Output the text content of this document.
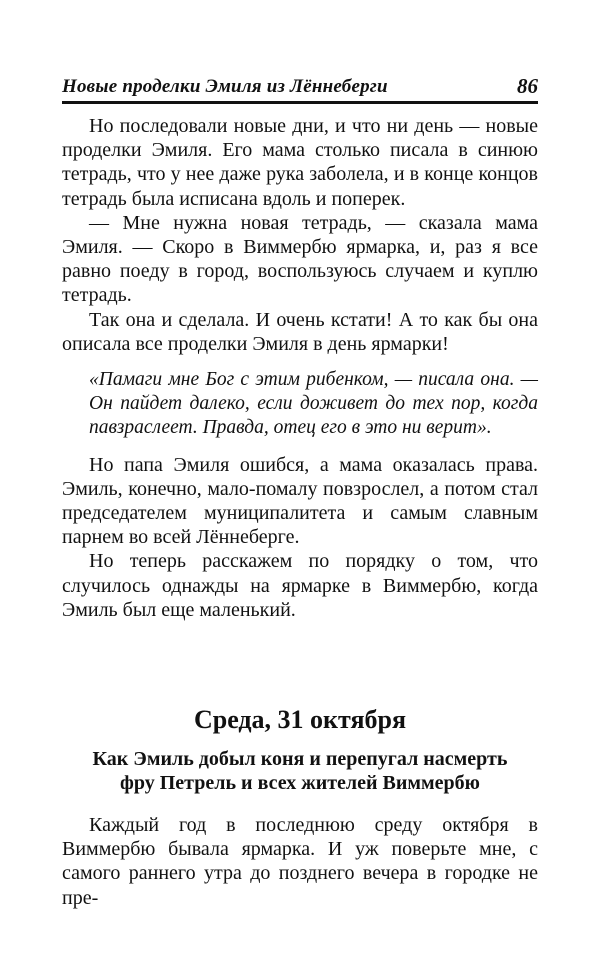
Новые проделки Эмиля из Лённеберги	86

Но последовали новые дни, и что ни день — новые проделки Эмиля. Его мама столько писала в синюю тетрадь, что у нее даже рука заболела, и в конце концов тетрадь была исписана вдоль и поперек.

— Мне нужна новая тетрадь, — сказала мама Эмиля. — Скоро в Виммербю ярмарка, и, раз я все равно поеду в город, воспользуюсь случаем и куплю тетрадь.

Так она и сделала. И очень кстати! А то как бы она описала все проделки Эмиля в день ярмарки!

«Памаги мне Бог с этим рибенком, — писала она. — Он пайдет далеко, если доживет до тех пор, когда павзраслеет. Правда, отец его в это ни верит».

Но папа Эмиля ошибся, а мама оказалась права. Эмиль, конечно, мало-помалу повзрослел, а потом стал председателем муниципалитета и самым славным парнем во всей Лённеберге.

Но теперь расскажем по порядку о том, что случилось однажды на ярмарке в Виммербю, когда Эмиль был еще маленький.

Среда, 31 октября
Как Эмиль добыл коня и перепугал насмерть
фру Петрель и всех жителей Виммербю

Каждый год в последнюю среду октября в Виммербю бывала ярмарка. И уж поверьте мне, с самого раннего утра до позднего вечера в городке не пре-
